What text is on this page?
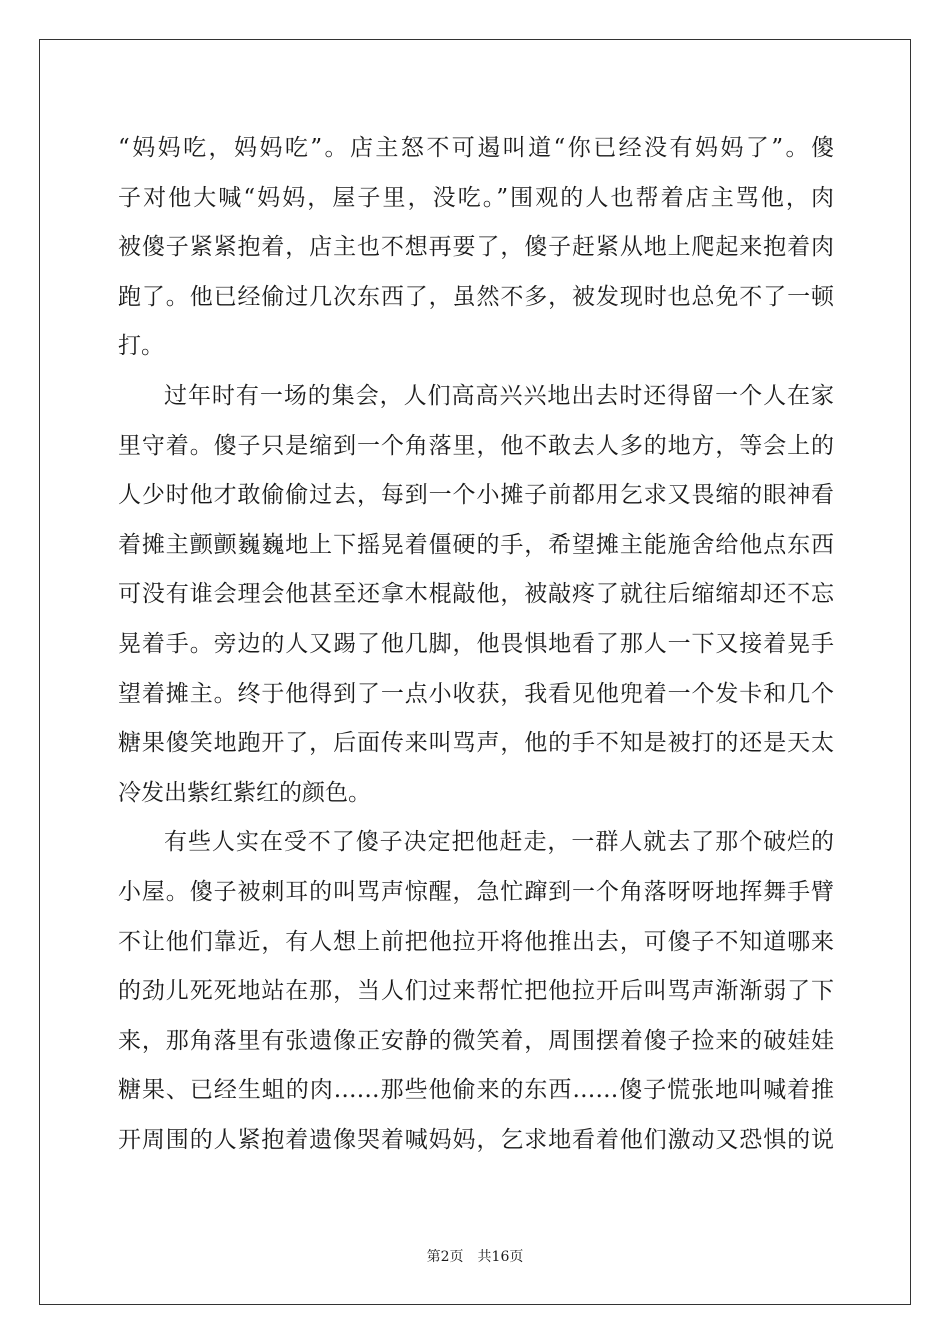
“妈妈吃，妈妈吃”。店主怒不可遏叫道“你已经没有妈妈了”。傻
子对他大喊“妈妈，屋子里，没吃。”围观的人也帮着店主骂他，肉
被傻子紧紧抱着，店主也不想再要了，傻子赶紧从地上爬起来抱着肉
跑了。他已经偷过几次东西了，虽然不多，被发现时也总免不了一顿
打。
过年时有一场的集会，人们高高兴兴地出去时还得留一个人在家
里守着。傻子只是缩到一个角落里，他不敢去人多的地方，等会上的
人少时他才敢偷偷过去，每到一个小摊子前都用乞求又畏缩的眼神看
着摊主颤颤巍巍地上下摇晃着僵硬的手，希望摊主能施舍给他点东西
可没有谁会理会他甚至还拿木棍敲他，被敲疼了就往后缩缩却还不忘
晃着手。旁边的人又踢了他几脚，他畏惧地看了那人一下又接着晃手
望着摊主。终于他得到了一点小收获，我看见他兜着一个发卡和几个
糖果傻笑地跑开了，后面传来叫骂声，他的手不知是被打的还是天太
冷发出紫红紫红的颜色。
有些人实在受不了傻子决定把他赶走，一群人就去了那个破烂的
小屋。傻子被刺耳的叫骂声惊醒，急忙蹿到一个角落呀呀地挥舞手臂
不让他们靠近，有人想上前把他拉开将他推出去，可傻子不知道哪来
的劲儿死死地站在那，当人们过来帮忙把他拉开后叫骂声渐渐弱了下
来，那角落里有张遗像正安静的微笑着，周围摆着傻子捡来的破娃娃
糖果、已经生蛆的肉……那些他偷来的东西……傻子慌张地叫喊着推
开周围的人紧抱着遗像哭着喊妈妈，乞求地看着他们激动又恐惧的说
第2页　共16页
